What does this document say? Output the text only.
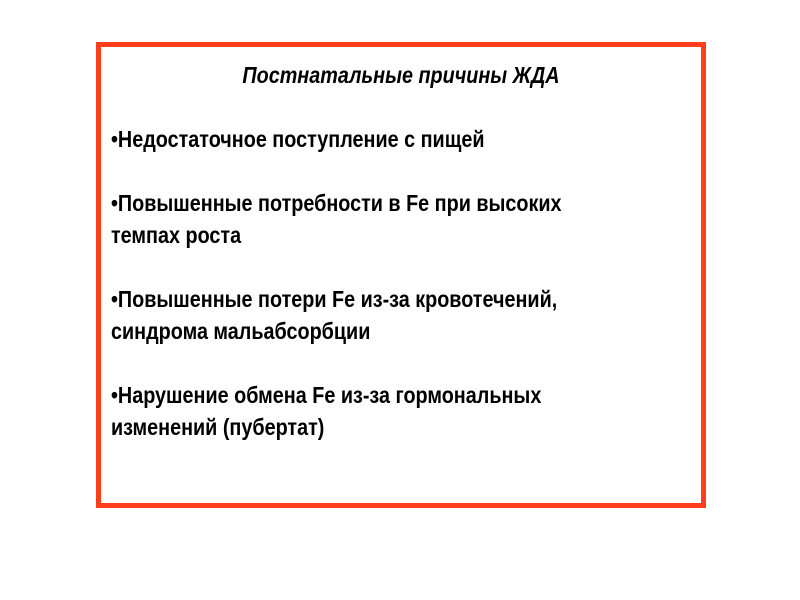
Постнатальные причины ЖДА

•Недостаточное поступление с пищей

•Повышенные потребности в Fe при высоких

темпах роста

•Повышенные потери Fe из-за кровотечений,

синдрома мальабсорбции

•Нарушение обмена Fe из-за гормональных

изменений (пубертат)
